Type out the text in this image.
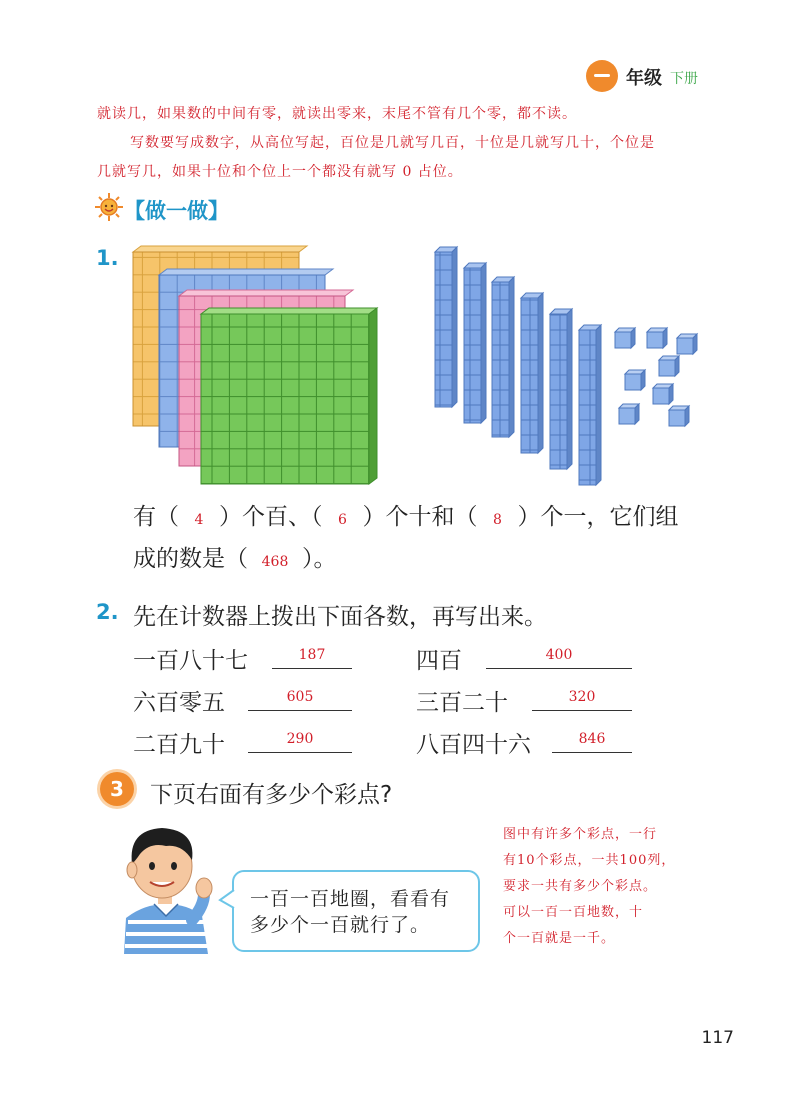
年级 下册
就读几，如果数的中间有零，就读出零来，末尾不管有几个零，都不读。
写数要写成数字，从高位写起，百位是几就写几百，十位是几就写几十，个位是
几就写几，如果十位和个位上一个都没有就写 0 占位。
【做一做】
1.
有（ 4 ）个百、（ 6 ）个十和（ 8 ）个一，它们组
成的数是（ 468 ）。
2. 先在计数器上拨出下面各数，再写出来。
一百八十七	187	四百	400
六百零五	605	三百二十	320
二百九十	290	八百四十六	846
3	下页右面有多少个彩点?
一百一百地圈，看看有
多少个一百就行了。
图中有许多个彩点，一行
有10个彩点，一共100列，
要求一共有多少个彩点。
可以一百一百地数，十
个一百就是一千。
117
